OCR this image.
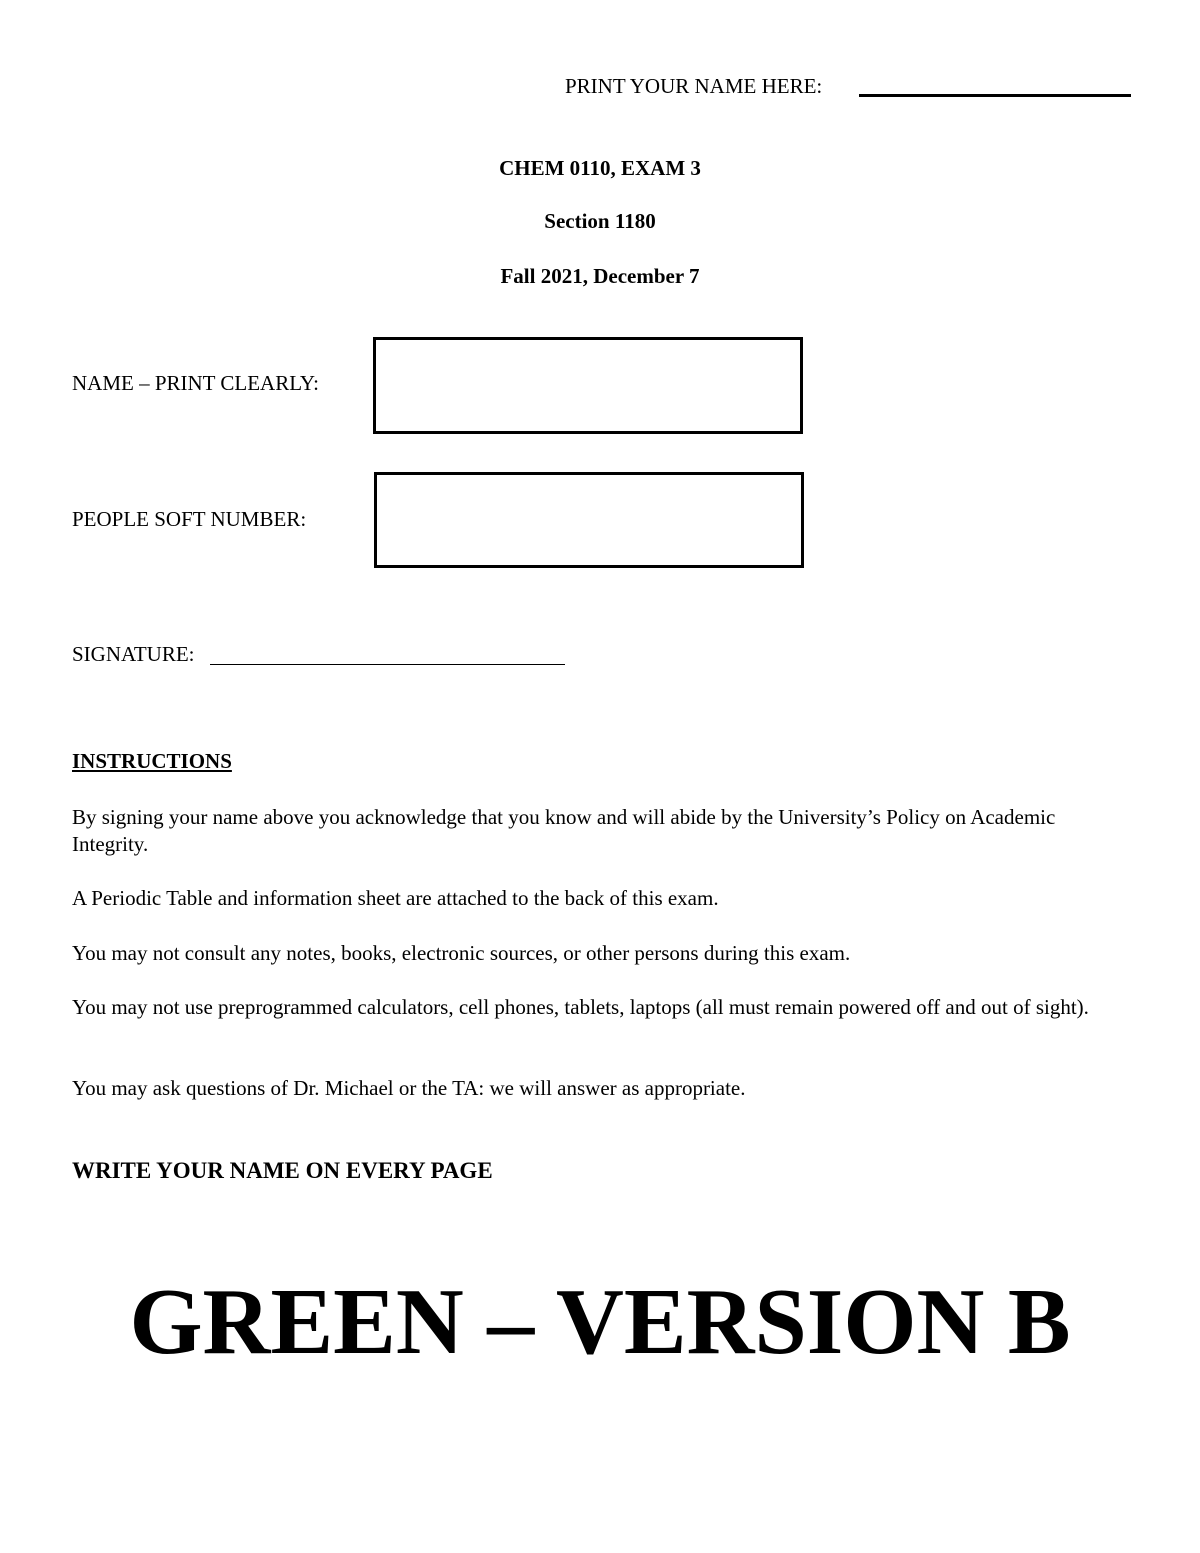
PRINT YOUR NAME HERE:
CHEM 0110, EXAM 3
Section 1180
Fall 2021, December 7
NAME – PRINT CLEARLY:
PEOPLE SOFT NUMBER:
SIGNATURE:
INSTRUCTIONS
By signing your name above you acknowledge that you know and will abide by the University’s Policy on Academic Integrity.
A Periodic Table and information sheet are attached to the back of this exam.
You may not consult any notes, books, electronic sources, or other persons during this exam.
You may not use preprogrammed calculators, cell phones, tablets, laptops (all must remain powered off and out of sight).
You may ask questions of Dr. Michael or the TA: we will answer as appropriate.
WRITE YOUR NAME ON EVERY PAGE
GREEN – VERSION B
